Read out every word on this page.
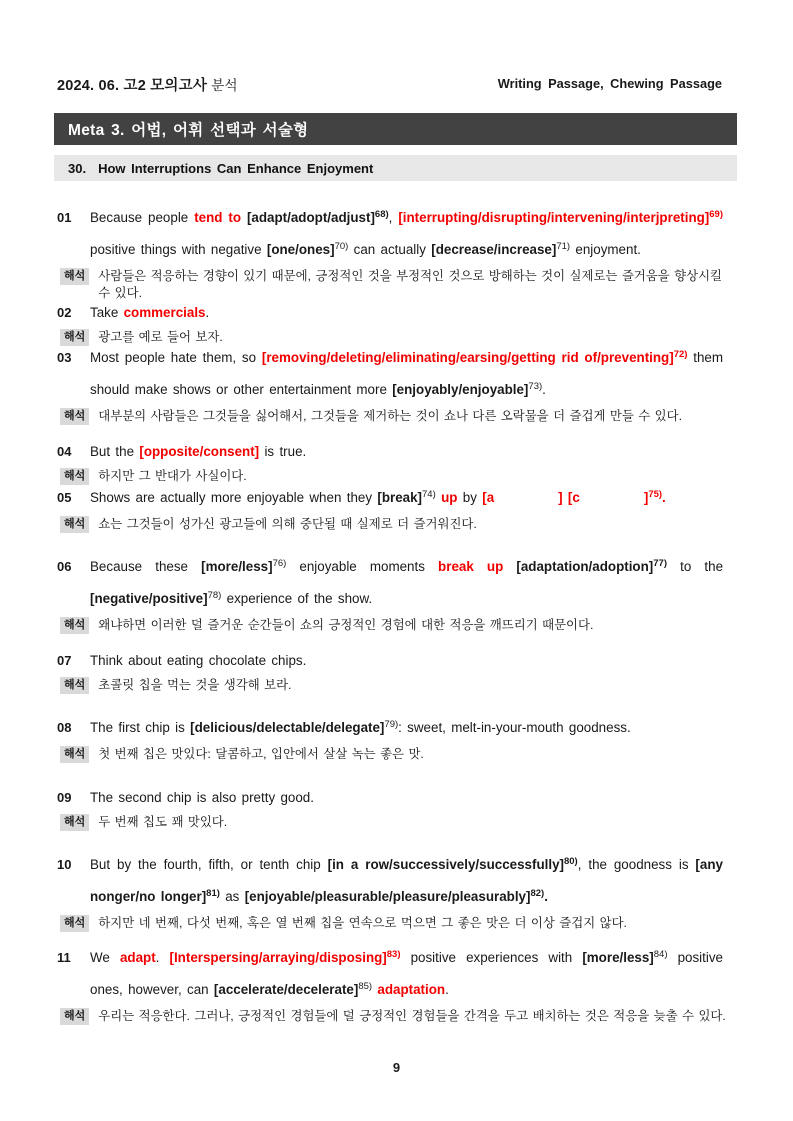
2024. 06. 고2 모의고사 분석	Writing Passage, Chewing Passage
Meta 3. 어법, 어휘 선택과 서술형
30. How Interruptions Can Enhance Enjoyment
01 Because people tend to [adapt/adopt/adjust]$^{68)}$, [interrupting/disrupting/intervening/interjpreting]$^{69)}$ positive things with negative [one/ones]$^{70)}$ can actually [decrease/increase]$^{71)}$ enjoyment.

해석	사람들은 적응하는 경향이 있기 때문에, 긍정적인 것을 부정적인 것으로 방해하는 것이 실제로는 즐거움을 향상시킬 수 있다.

02 Take commercials.

해석	광고를 예로 들어 보자.

03 Most people hate them, so [removing/deleting/eliminating/earsing/getting rid of/preventing]$^{72)}$ them should make shows or other entertainment more [enjoyably/enjoyable]$^{73)}$.

해석	대부분의 사람들은 그것들을 싫어해서, 그것들을 제거하는 것이 쇼나 다른 오락물을 더 즐겁게 만들 수 있다.

04 But the [opposite/consent] is true.

해석	하지만 그 반대가 사실이다.

05 Shows are actually more enjoyable when they [break]$^{74)}$ up by [a	] [c	]$^{75)}$.

해석	쇼는 그것들이 성가신 광고들에 의해 중단될 때 실제로 더 즐거워진다.

06 Because these [more/less]$^{76)}$ enjoyable moments break up [adaptation/adoption]$^{77)}$ to the [negative/positive]$^{78)}$ experience of the show.

해석	왜냐하면 이러한 덜 즐거운 순간들이 쇼의 긍정적인 경험에 대한 적응을 깨뜨리기 때문이다.

07 Think about eating chocolate chips.

해석	초콜릿 칩을 먹는 것을 생각해 보라.

08 The first chip is [delicious/delectable/delegate]$^{79)}$: sweet, melt-in-your-mouth goodness.

해석	첫 번째 칩은 맛있다: 달콤하고, 입안에서 살살 녹는 좋은 맛.

09 The second chip is also pretty good.

해석	두 번째 칩도 꽤 맛있다.

10 But by the fourth, fifth, or tenth chip [in a row/successively/successfully]$^{80)}$, the goodness is [any nonger/no longer]$^{81)}$ as [enjoyable/pleasurable/pleasure/pleasurably]$^{82)}$.

해석	하지만 네 번째, 다섯 번째, 혹은 열 번째 칩을 연속으로 먹으면 그 좋은 맛은 더 이상 즐겁지 않다.

11 We adapt. [Interspersing/arraying/disposing]$^{83)}$ positive experiences with [more/less]$^{84)}$ positive ones, however, can [accelerate/decelerate]$^{85)}$ adaptation.

해석	우리는 적응한다. 그러나, 긍정적인 경험들에 덜 긍정적인 경험들을 간격을 두고 배치하는 것은 적응을 늦출 수 있다.

9
